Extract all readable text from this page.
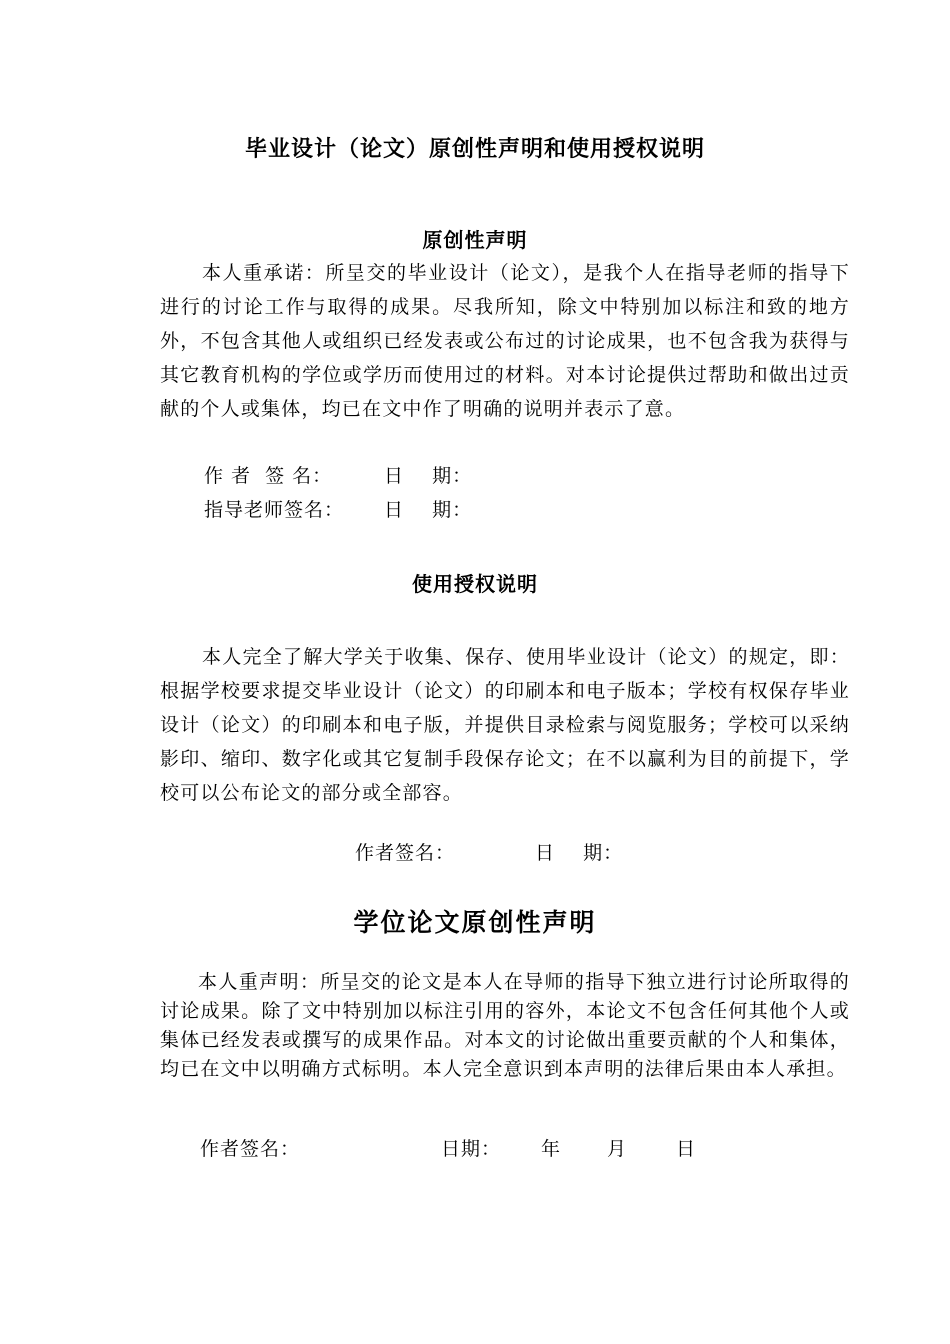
毕业设计（论文）原创性声明和使用授权说明
原创性声明
本人重承诺：所呈交的毕业设计（论文），是我个人在指导老师的指导下进行的讨论工作与取得的成果。尽我所知，除文中特别加以标注和致的地方外，不包含其他人或组织已经发表或公布过的讨论成果，也不包含我为获得与其它教育机构的学位或学历而使用过的材料。对本讨论提供过帮助和做出过贡献的个人或集体，均已在文中作了明确的说明并表示了意。
作 者  签 名：	日    期：
指导老师签名： 日    期：
使用授权说明
本人完全了解大学关于收集、保存、使用毕业设计（论文）的规定，即：根据学校要求提交毕业设计（论文）的印刷本和电子版本；学校有权保存毕业设计（论文）的印刷本和电子版，并提供目录检索与阅览服务；学校可以采纳影印、缩印、数字化或其它复制手段保存论文；在不以赢利为目的前提下，学校可以公布论文的部分或全部容。
作者签名：	日    期：
学位论文原创性声明
本人重声明：所呈交的论文是本人在导师的指导下独立进行讨论所取得的讨论成果。除了文中特别加以标注引用的容外，本论文不包含任何其他个人或集体已经发表或撰写的成果作品。对本文的讨论做出重要贡献的个人和集体，均已在文中以明确方式标明。本人完全意识到本声明的法律后果由本人承担。
作者签名：	日期： 年 月	日
